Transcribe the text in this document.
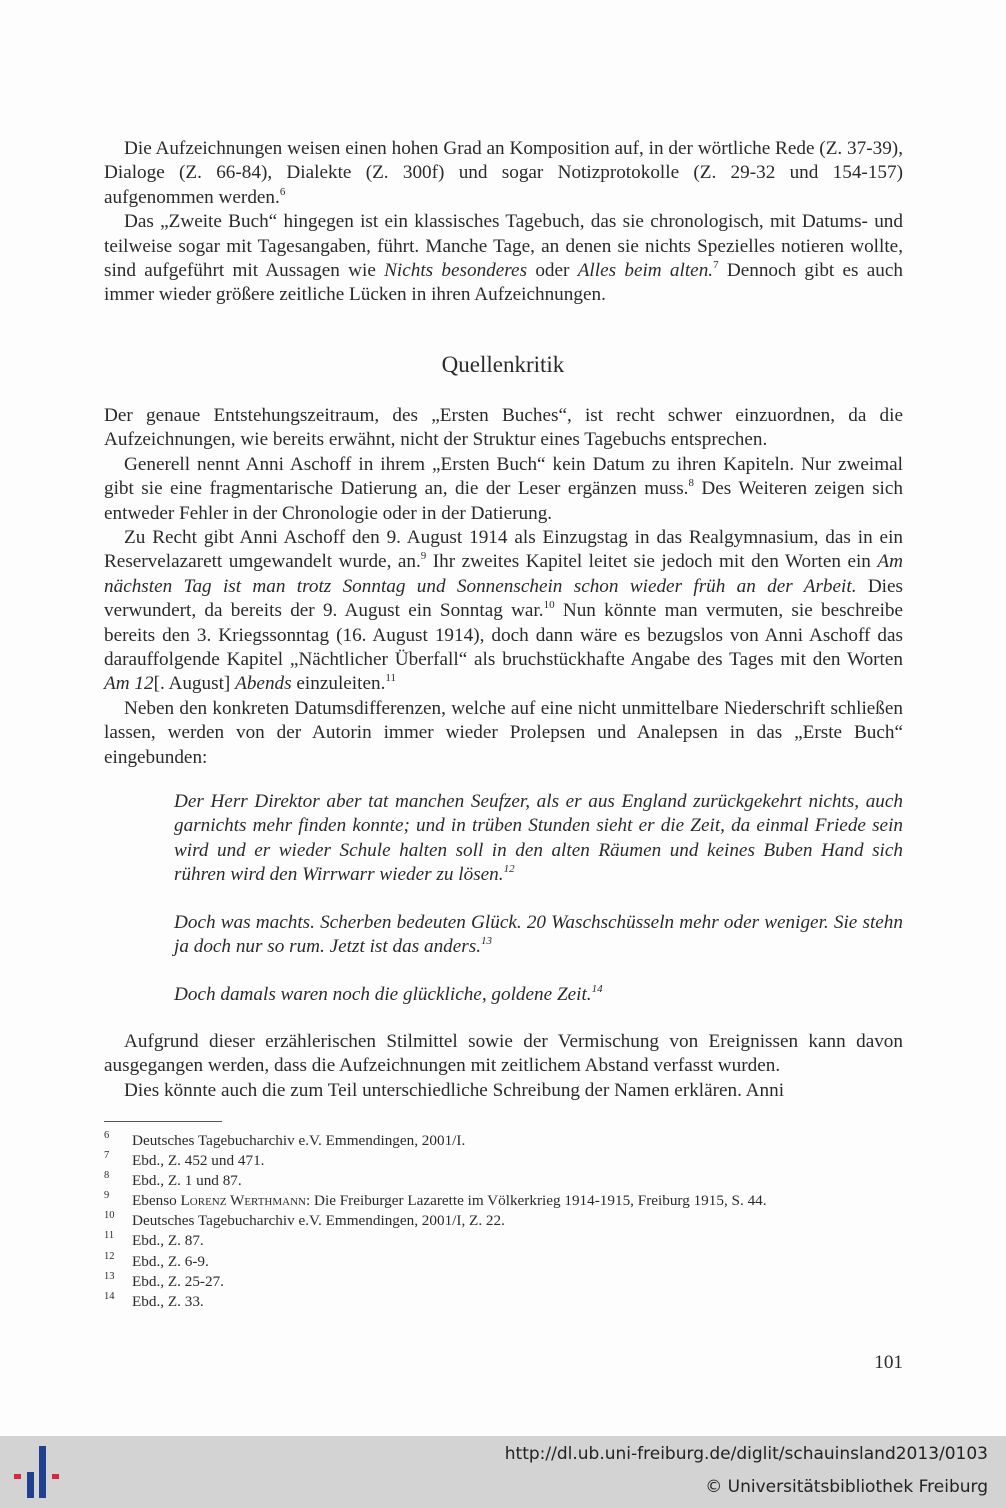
Die Aufzeichnungen weisen einen hohen Grad an Komposition auf, in der wörtliche Rede (Z. 37-39), Dialoge (Z. 66-84), Dialekte (Z. 300f) und sogar Notizprotokolle (Z. 29-32 und 154-157) aufgenommen werden.$^6$

Das „Zweite Buch“ hingegen ist ein klassisches Tagebuch, das sie chronologisch, mit Datums- und teilweise sogar mit Tagesangaben, führt. Manche Tage, an denen sie nichts Spezielles notieren wollte, sind aufgeführt mit Aussagen wie Nichts besonderes oder Alles beim alten.$^7$ Dennoch gibt es auch immer wieder größere zeitliche Lücken in ihren Aufzeichnungen.

Quellenkritik

Der genaue Entstehungszeitraum, des „Ersten Buches“, ist recht schwer einzuordnen, da die Aufzeichnungen, wie bereits erwähnt, nicht der Struktur eines Tagebuchs entsprechen.

Generell nennt Anni Aschoff in ihrem „Ersten Buch“ kein Datum zu ihren Kapiteln. Nur zweimal gibt sie eine fragmentarische Datierung an, die der Leser ergänzen muss.$^8$ Des Weiteren zeigen sich entweder Fehler in der Chronologie oder in der Datierung.

Zu Recht gibt Anni Aschoff den 9. August 1914 als Einzugstag in das Realgymnasium, das in ein Reservelazarett umgewandelt wurde, an.$^9$ Ihr zweites Kapitel leitet sie jedoch mit den Worten ein Am nächsten Tag ist man trotz Sonntag und Sonnenschein schon wieder früh an der Arbeit. Dies verwundert, da bereits der 9. August ein Sonntag war.$^{10}$ Nun könnte man vermuten, sie beschreibe bereits den 3. Kriegssonntag (16. August 1914), doch dann wäre es bezugslos von Anni Aschoff das darauffolgende Kapitel „Nächtlicher Überfall“ als bruchstückhafte Angabe des Tages mit den Worten Am 12[. August] Abends einzuleiten.$^{11}$

Neben den konkreten Datumsdifferenzen, welche auf eine nicht unmittelbare Niederschrift schließen lassen, werden von der Autorin immer wieder Prolepsen und Analepsen in das „Erste Buch“ eingebunden:

Der Herr Direktor aber tat manchen Seufzer, als er aus England zurückgekehrt nichts, auch garnichts mehr finden konnte; und in trüben Stunden sieht er die Zeit, da einmal Friede sein wird und er wieder Schule halten soll in den alten Räumen und keines Buben Hand sich rühren wird den Wirrwarr wieder zu lösen.$^{12}$

Doch was machts. Scherben bedeuten Glück. 20 Waschschüsseln mehr oder weniger. Sie stehn ja doch nur so rum. Jetzt ist das anders.$^{13}$

Doch damals waren noch die glückliche, goldene Zeit.$^{14}$

Aufgrund dieser erzählerischen Stilmittel sowie der Vermischung von Ereignissen kann davon ausgegangen werden, dass die Aufzeichnungen mit zeitlichem Abstand verfasst wurden.

Dies könnte auch die zum Teil unterschiedliche Schreibung der Namen erklären. Anni

6 Deutsches Tagebucharchiv e.V. Emmendingen, 2001/I.
7 Ebd., Z. 452 und 471.
8 Ebd., Z. 1 und 87.
9 Ebenso Lorenz Werthmann: Die Freiburger Lazarette im Völkerkrieg 1914-1915, Freiburg 1915, S. 44.
10 Deutsches Tagebucharchiv e.V. Emmendingen, 2001/I, Z. 22.
11 Ebd., Z. 87.
12 Ebd., Z. 6-9.
13 Ebd., Z. 25-27.
14 Ebd., Z. 33.
101
http://dl.ub.uni-freiburg.de/diglit/schauinsland2013/0103
© Universitätsbibliothek Freiburg
